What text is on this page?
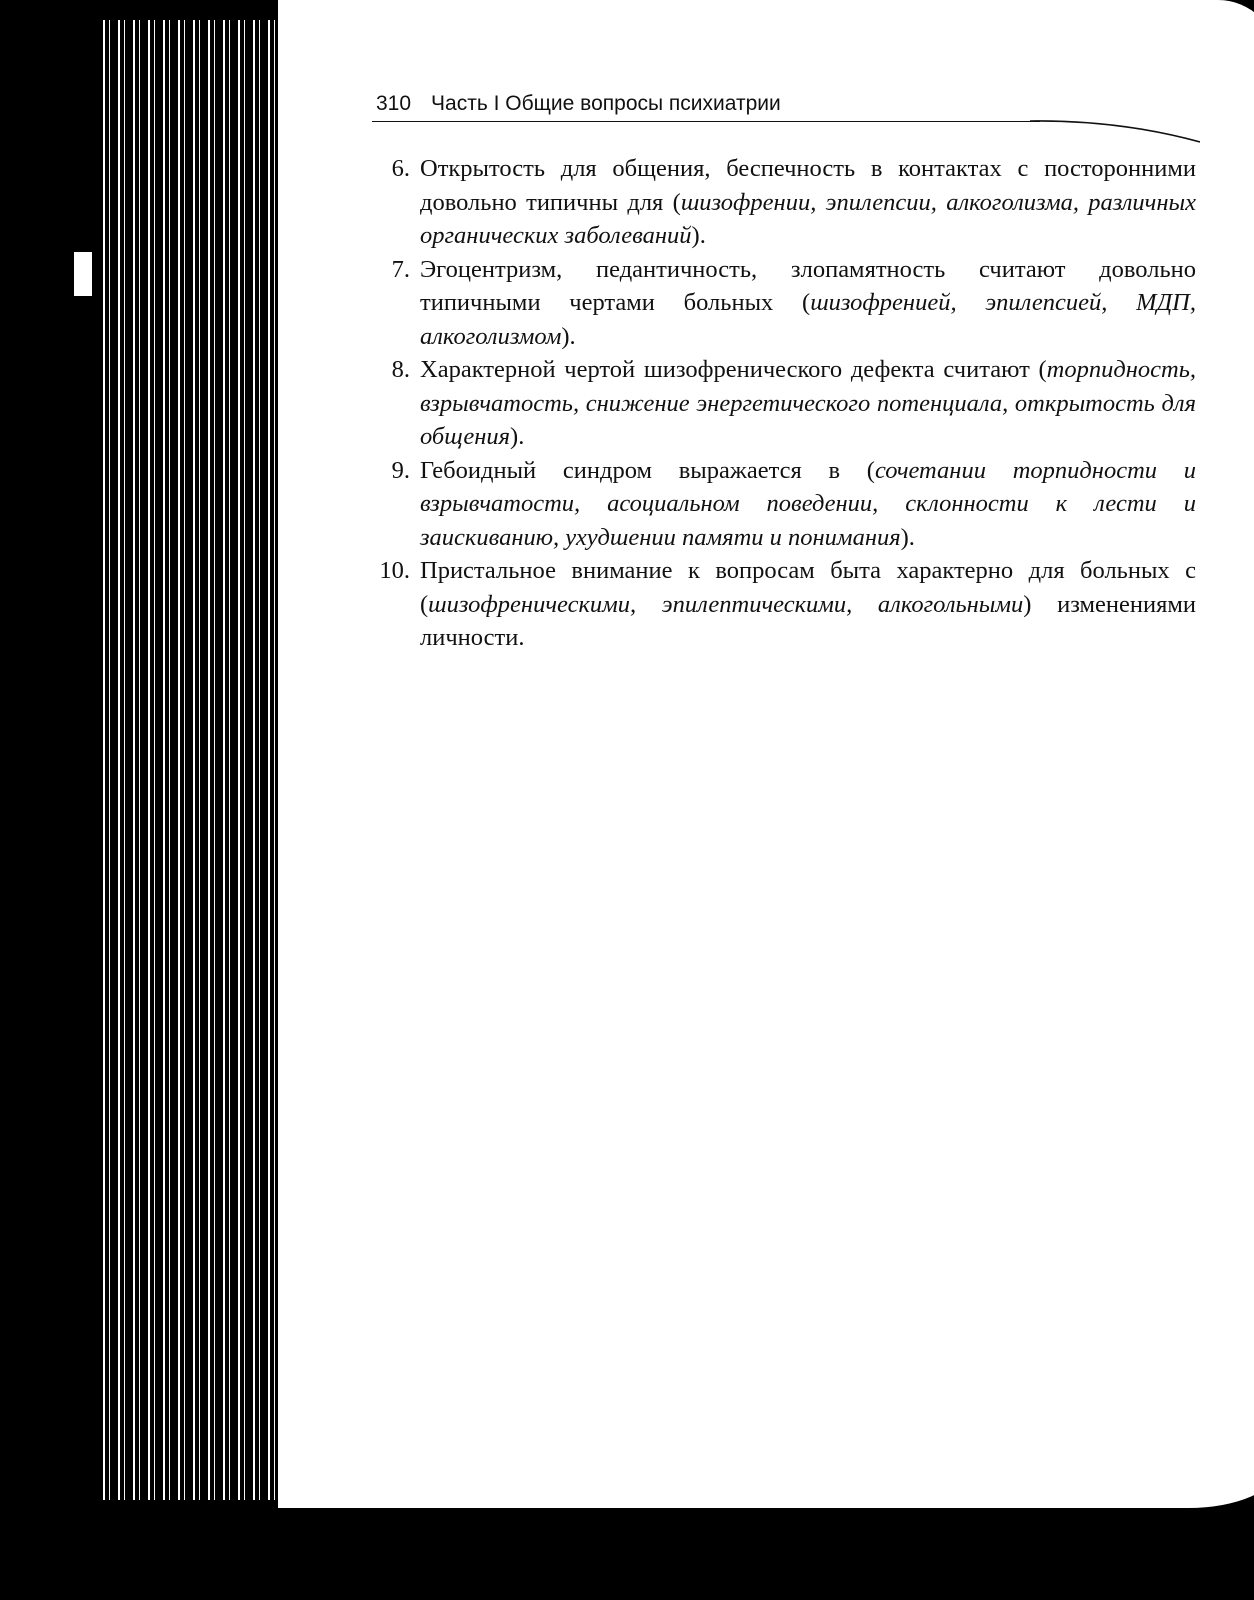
310 Часть I Общие вопросы психиатрии
6. Открытость для общения, беспечность в контактах с посторонними довольно типичны для (шизофрении, эпилепсии, алкоголизма, различных органических заболеваний).
7. Эгоцентризм, педантичность, злопамятность считают довольно типичными чертами больных (шизофренией, эпилепсией, МДП, алкоголизмом).
8. Характерной чертой шизофренического дефекта считают (торпидность, взрывчатость, снижение энергетического потенциала, открытость для общения).
9. Гебоидный синдром выражается в (сочетании торпидности и взрывчатости, асоциальном поведении, склонности к лести и заискиванию, ухудшении памяти и понимания).
10. Пристальное внимание к вопросам быта характерно для больных с (шизофреническими, эпилептическими, алкогольными) изменениями личности.
